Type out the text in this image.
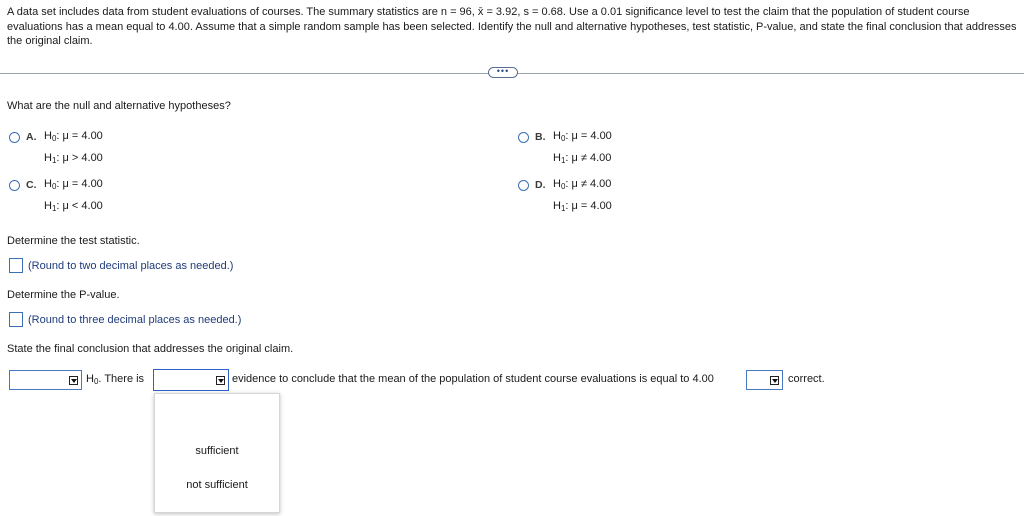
A data set includes data from student evaluations of courses. The summary statistics are n = 96, x̄ = 3.92, s = 0.68. Use a 0.01 significance level to test the claim that the population of student course evaluations has a mean equal to 4.00. Assume that a simple random sample has been selected. Identify the null and alternative hypotheses, test statistic, P-value, and state the final conclusion that addresses the original claim.
•••
What are the null and alternative hypotheses?
A. $H_0$: μ = 4.00
$H_1$: μ > 4.00
B. $H_0$: μ = 4.00
$H_1$: μ ≠ 4.00
C. $H_0$: μ = 4.00
$H_1$: μ < 4.00
D. $H_0$: μ ≠ 4.00
$H_1$: μ = 4.00
Determine the test statistic.
(Round to two decimal places as needed.)
Determine the P-value.
(Round to three decimal places as needed.)
State the final conclusion that addresses the original claim.
$H_0$. There is	evidence to conclude that the mean of the population of student course evaluations is equal to 4.00	correct.
sufficient
not sufficient
